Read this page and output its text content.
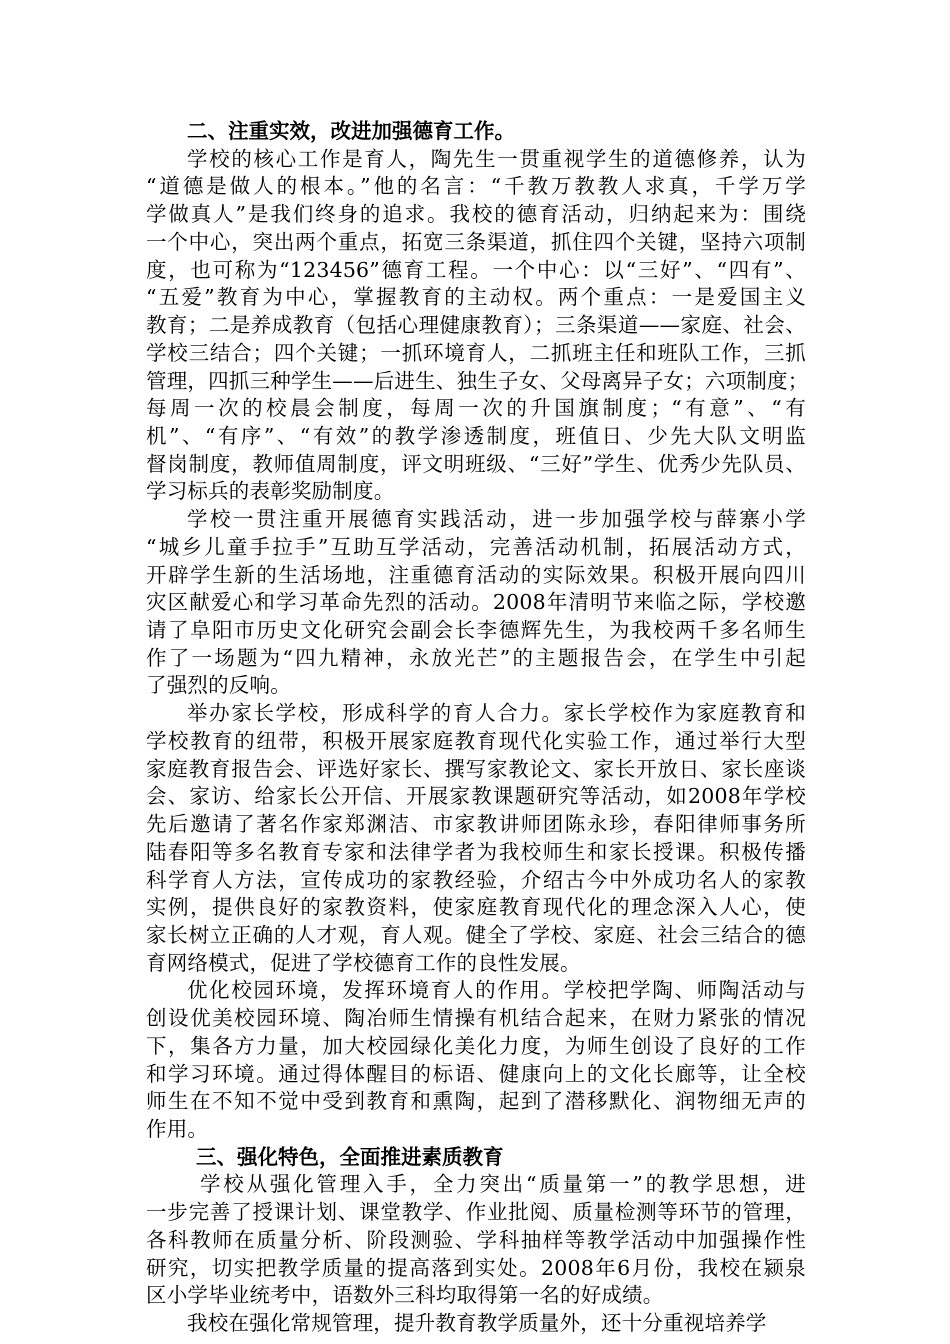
二、注重实效，改进加强德育工作。
学校的核心工作是育人，陶先生一贯重视学生的道德修养，认为
“道德是做人的根本。”他的名言：“千教万教教人求真，千学万学
学做真人”是我们终身的追求。我校的德育活动，归纳起来为：围绕
一个中心，突出两个重点，拓宽三条渠道，抓住四个关键，坚持六项制
度，也可称为“123456”德育工程。一个中心：以“三好”、“四有”、
“五爱”教育为中心，掌握教育的主动权。两个重点：一是爱国主义
教育；二是养成教育（包括心理健康教育）；三条渠道——家庭、社会、
学校三结合；四个关键；一抓环境育人，二抓班主任和班队工作，三抓
管理，四抓三种学生——后进生、独生子女、父母离异子女；六项制度；
每周一次的校晨会制度，每周一次的升国旗制度；“有意”、“有
机”、“有序”、“有效”的教学渗透制度，班值日、少先大队文明监
督岗制度，教师值周制度，评文明班级、“三好”学生、优秀少先队员、
学习标兵的表彰奖励制度。
学校一贯注重开展德育实践活动，进一步加强学校与薛寨小学
“城乡儿童手拉手”互助互学活动，完善活动机制，拓展活动方式，
开辟学生新的生活场地，注重德育活动的实际效果。积极开展向四川
灾区献爱心和学习革命先烈的活动。2008年清明节来临之际，学校邀
请了阜阳市历史文化研究会副会长李德辉先生，为我校两千多名师生
作了一场题为“四九精神，永放光芒”的主题报告会，在学生中引起
了强烈的反响。
举办家长学校，形成科学的育人合力。家长学校作为家庭教育和
学校教育的纽带，积极开展家庭教育现代化实验工作，通过举行大型
家庭教育报告会、评选好家长、撰写家教论文、家长开放日、家长座谈
会、家访、给家长公开信、开展家教课题研究等活动，如2008年学校
先后邀请了著名作家郑渊洁、市家教讲师团陈永珍，春阳律师事务所
陆春阳等多名教育专家和法律学者为我校师生和家长授课。积极传播
科学育人方法，宣传成功的家教经验，介绍古今中外成功名人的家教
实例，提供良好的家教资料，使家庭教育现代化的理念深入人心，使
家长树立正确的人才观，育人观。健全了学校、家庭、社会三结合的德
育网络模式，促进了学校德育工作的良性发展。
优化校园环境，发挥环境育人的作用。学校把学陶、师陶活动与
创设优美校园环境、陶冶师生情操有机结合起来，在财力紧张的情况
下，集各方力量，加大校园绿化美化力度，为师生创设了良好的工作
和学习环境。通过得体醒目的标语、健康向上的文化长廊等，让全校
师生在不知不觉中受到教育和熏陶，起到了潜移默化、润物细无声的
作用。
三、强化特色，全面推进素质教育
学校从强化管理入手，全力突出“质量第一”的教学思想，进
一步完善了授课计划、课堂教学、作业批阅、质量检测等环节的管理，
各科教师在质量分析、阶段测验、学科抽样等教学活动中加强操作性
研究，切实把教学质量的提高落到实处。2008年6月份，我校在颍泉
区小学毕业统考中，语数外三科均取得第一名的好成绩。
我校在强化常规管理，提升教育教学质量外，还十分重视培养学
